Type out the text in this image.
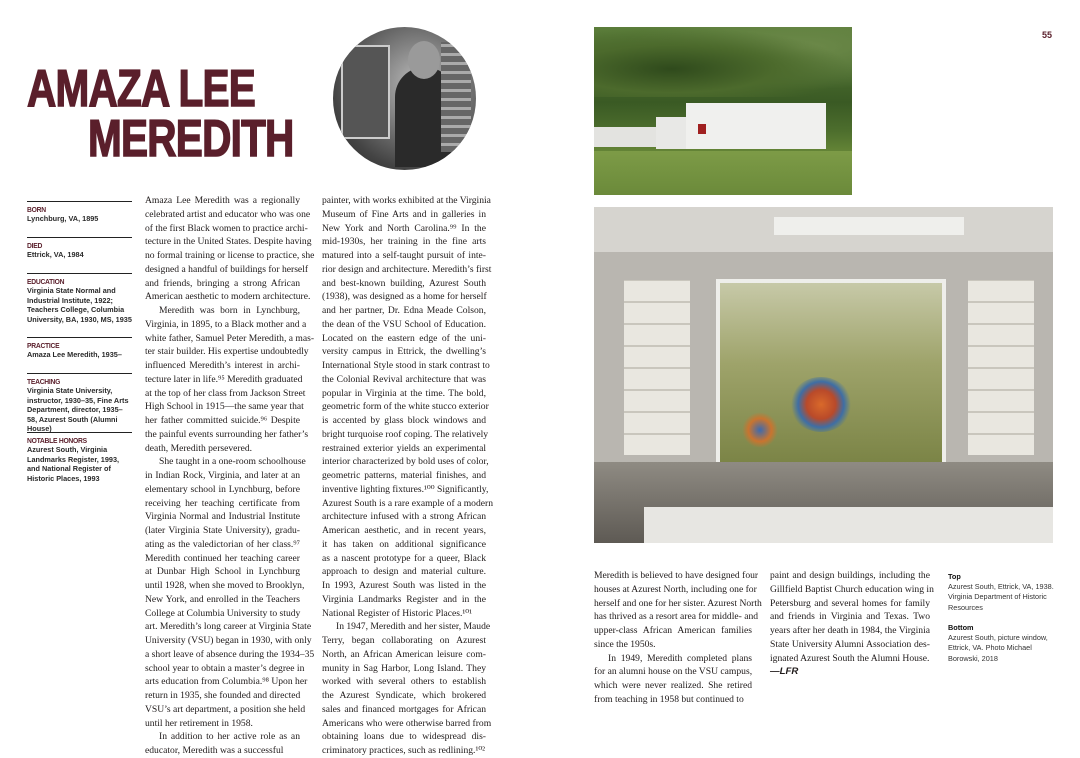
55
AMAZA LEE
MEREDITH
BORN
Lynchburg, VA, 1895
DIED
Ettrick, VA, 1984
EDUCATION
Virginia State Normal and Industrial Institute, 1922; Teachers College, Columbia University, BA, 1930, MS, 1935
PRACTICE
Amaza Lee Meredith, 1935–
TEACHING
Virginia State University, instructor, 1930–35, Fine Arts Department, director, 1935–58, Azurest South (Alumni House)
NOTABLE HONORS
Azurest South, Virginia Landmarks Register, 1993, and National Register of Historic Places, 1993
Amaza Lee Meredith was a regionally
celebrated artist and educator who was one
of the first Black women to practice archi-
tecture in the United States. Despite having
no formal training or license to practice, she
designed a handful of buildings for herself
and friends, bringing a strong African
American aesthetic to modern architecture.
Meredith was born in Lynchburg,
Virginia, in 1895, to a Black mother and a
white father, Samuel Peter Meredith, a mas-
ter stair builder. His expertise undoubtedly
influenced Meredith’s interest in archi-
tecture later in life.⁹⁵ Meredith graduated
at the top of her class from Jackson Street
High School in 1915—the same year that
her father committed suicide.⁹⁶ Despite
the painful events surrounding her father’s
death, Meredith persevered.
She taught in a one-room schoolhouse
in Indian Rock, Virginia, and later at an
elementary school in Lynchburg, before
receiving her teaching certificate from
Virginia Normal and Industrial Institute
(later Virginia State University), gradu-
ating as the valedictorian of her class.⁹⁷
Meredith continued her teaching career
at Dunbar High School in Lynchburg
until 1928, when she moved to Brooklyn,
New York, and enrolled in the Teachers
College at Columbia University to study
art. Meredith’s long career at Virginia State
University (VSU) began in 1930, with only
a short leave of absence during the 1934–35
school year to obtain a master’s degree in
arts education from Columbia.⁹⁸ Upon her
return in 1935, she founded and directed
VSU’s art department, a position she held
until her retirement in 1958.
In addition to her active role as an
educator, Meredith was a successful
painter, with works exhibited at the Virginia
Museum of Fine Arts and in galleries in
New York and North Carolina.⁹⁹ In the
mid-1930s, her training in the fine arts
matured into a self-taught pursuit of inte-
rior design and architecture. Meredith’s first
and best-known building, Azurest South
(1938), was designed as a home for herself
and her partner, Dr. Edna Meade Colson,
the dean of the VSU School of Education.
Located on the eastern edge of the uni-
versity campus in Ettrick, the dwelling’s
International Style stood in stark contrast to
the Colonial Revival architecture that was
popular in Virginia at the time. The bold,
geometric form of the white stucco exterior
is accented by glass block windows and
bright turquoise roof coping. The relatively
restrained exterior yields an experimental
interior characterized by bold uses of color,
geometric patterns, material finishes, and
inventive lighting fixtures.¹⁰⁰ Significantly,
Azurest South is a rare example of a modern
architecture infused with a strong African
American aesthetic, and in recent years,
it has taken on additional significance
as a nascent prototype for a queer, Black
approach to design and material culture.
In 1993, Azurest South was listed in the
Virginia Landmarks Register and in the
National Register of Historic Places.¹⁰¹
In 1947, Meredith and her sister, Maude
Terry, began collaborating on Azurest
North, an African American leisure com-
munity in Sag Harbor, Long Island. They
worked with several others to establish
the Azurest Syndicate, which brokered
sales and financed mortgages for African
Americans who were otherwise barred from
obtaining loans due to widespread dis-
criminatory practices, such as redlining.¹⁰²
Meredith is believed to have designed four
houses at Azurest North, including one for
herself and one for her sister. Azurest North
has thrived as a resort area for middle- and
upper-class African American families
since the 1950s.
In 1949, Meredith completed plans
for an alumni house on the VSU campus,
which were never realized. She retired
from teaching in 1958 but continued to
paint and design buildings, including the
Gillfield Baptist Church education wing in
Petersburg and several homes for family
and friends in Virginia and Texas. Two
years after her death in 1984, the Virginia
State University Alumni Association des-
ignated Azurest South the Alumni House.
—LFR
Top
Azurest South, Ettrick, VA, 1938. Virginia Department of Historic Resources
Bottom
Azurest South, picture window, Ettrick, VA. Photo Michael Borowski, 2018
